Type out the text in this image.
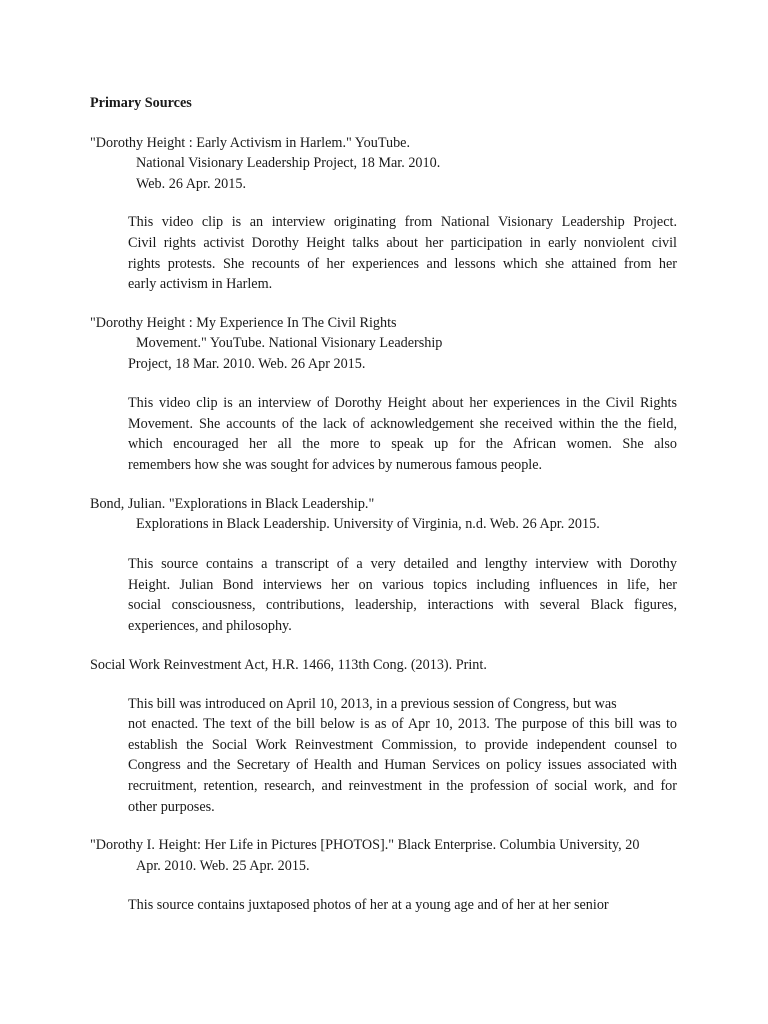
Primary Sources
"Dorothy Height : Early Activism in Harlem." YouTube.
National Visionary Leadership Project, 18 Mar. 2010.
Web. 26 Apr. 2015.
This video clip is an interview originating from National Visionary Leadership Project.
Civil rights activist Dorothy Height talks about her participation in early nonviolent civil
rights protests. She recounts of her experiences and lessons which she attained from her
early activism in Harlem.
"Dorothy Height : My Experience In The Civil Rights
Movement." YouTube. National Visionary Leadership
Project, 18 Mar. 2010. Web. 26 Apr 2015.
This video clip is an interview of Dorothy Height about her experiences in the Civil Rights
Movement. She accounts of the lack of acknowledgement she received within the the field,
which encouraged her all the more to speak up for the African women. She also
remembers how she was sought for advices by numerous famous people.
Bond, Julian. "Explorations in Black Leadership."
Explorations in Black Leadership. University of Virginia, n.d. Web. 26 Apr. 2015.
This source contains a transcript of a very detailed and lengthy interview with Dorothy
Height. Julian Bond interviews her on various topics including influences in life, her
social consciousness, contributions, leadership, interactions with several Black figures,
experiences, and philosophy.
Social Work Reinvestment Act, H.R. 1466, 113th Cong. (2013). Print.
This bill was introduced on April 10, 2013, in a previous session of Congress, but was
not enacted. The text of the bill below is as of Apr 10, 2013. The purpose of this bill was to
establish the Social Work Reinvestment Commission, to provide independent counsel to
Congress and the Secretary of Health and Human Services on policy issues associated with
recruitment, retention, research, and reinvestment in the profession of social work, and for
other purposes.
"Dorothy I. Height: Her Life in Pictures [PHOTOS]." Black Enterprise. Columbia University, 20
Apr. 2010. Web. 25 Apr. 2015.
This source contains juxtaposed photos of her at a young age and of her at her senior
